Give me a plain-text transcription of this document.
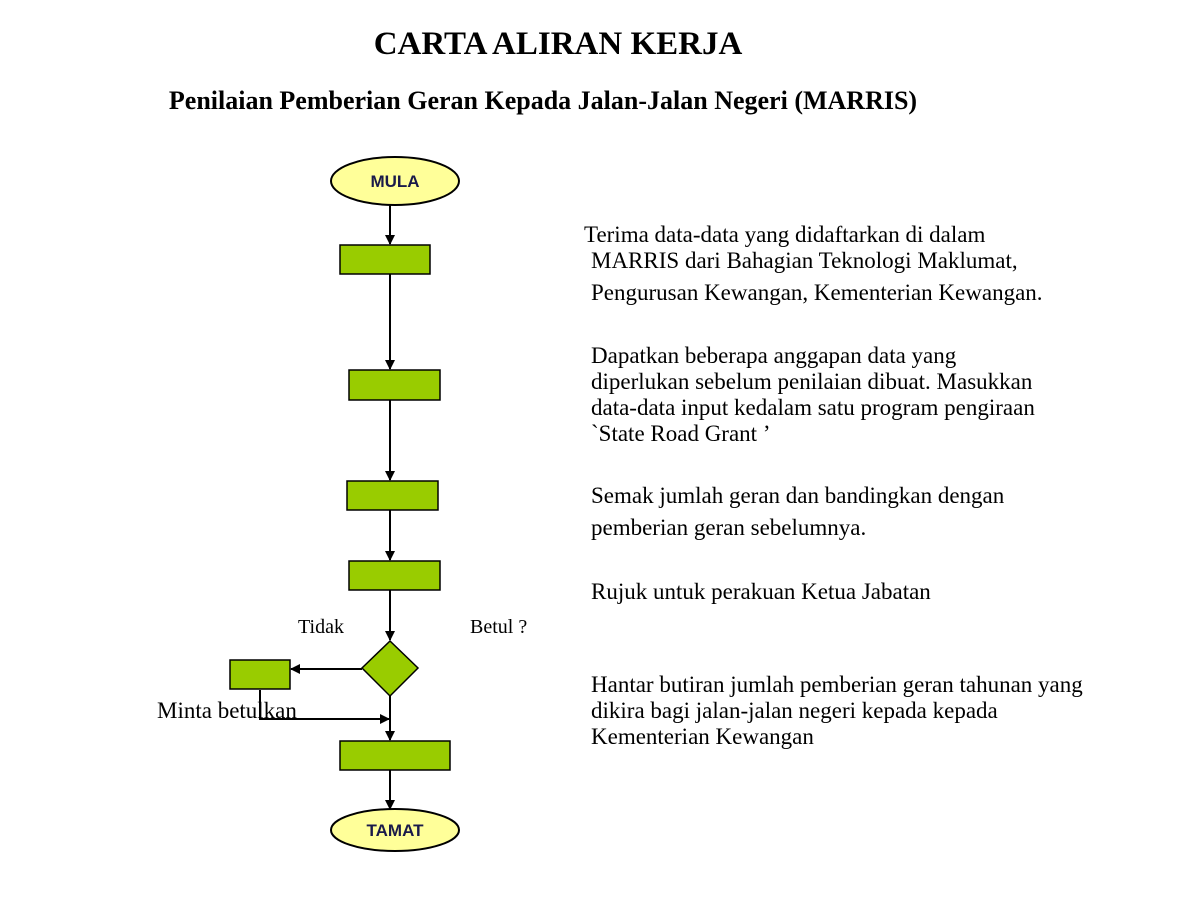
CARTA ALIRAN KERJA
Penilaian Pemberian Geran Kepada Jalan-Jalan Negeri (MARRIS)
MULA
Tidak	Betul ?
Minta betulkan
TAMAT
Terima data-data yang didaftarkan di dalam
MARRIS dari Bahagian Teknologi Maklumat,
Pengurusan Kewangan, Kementerian Kewangan.
Dapatkan beberapa anggapan data yang
diperlukan sebelum penilaian dibuat. Masukkan
data-data input kedalam satu program pengiraan
`State Road Grant ’
Semak jumlah geran dan bandingkan dengan
pemberian geran sebelumnya.
Rujuk untuk perakuan Ketua Jabatan
Hantar butiran jumlah pemberian geran tahunan yang
dikira bagi jalan-jalan negeri kepada kepada
Kementerian Kewangan
